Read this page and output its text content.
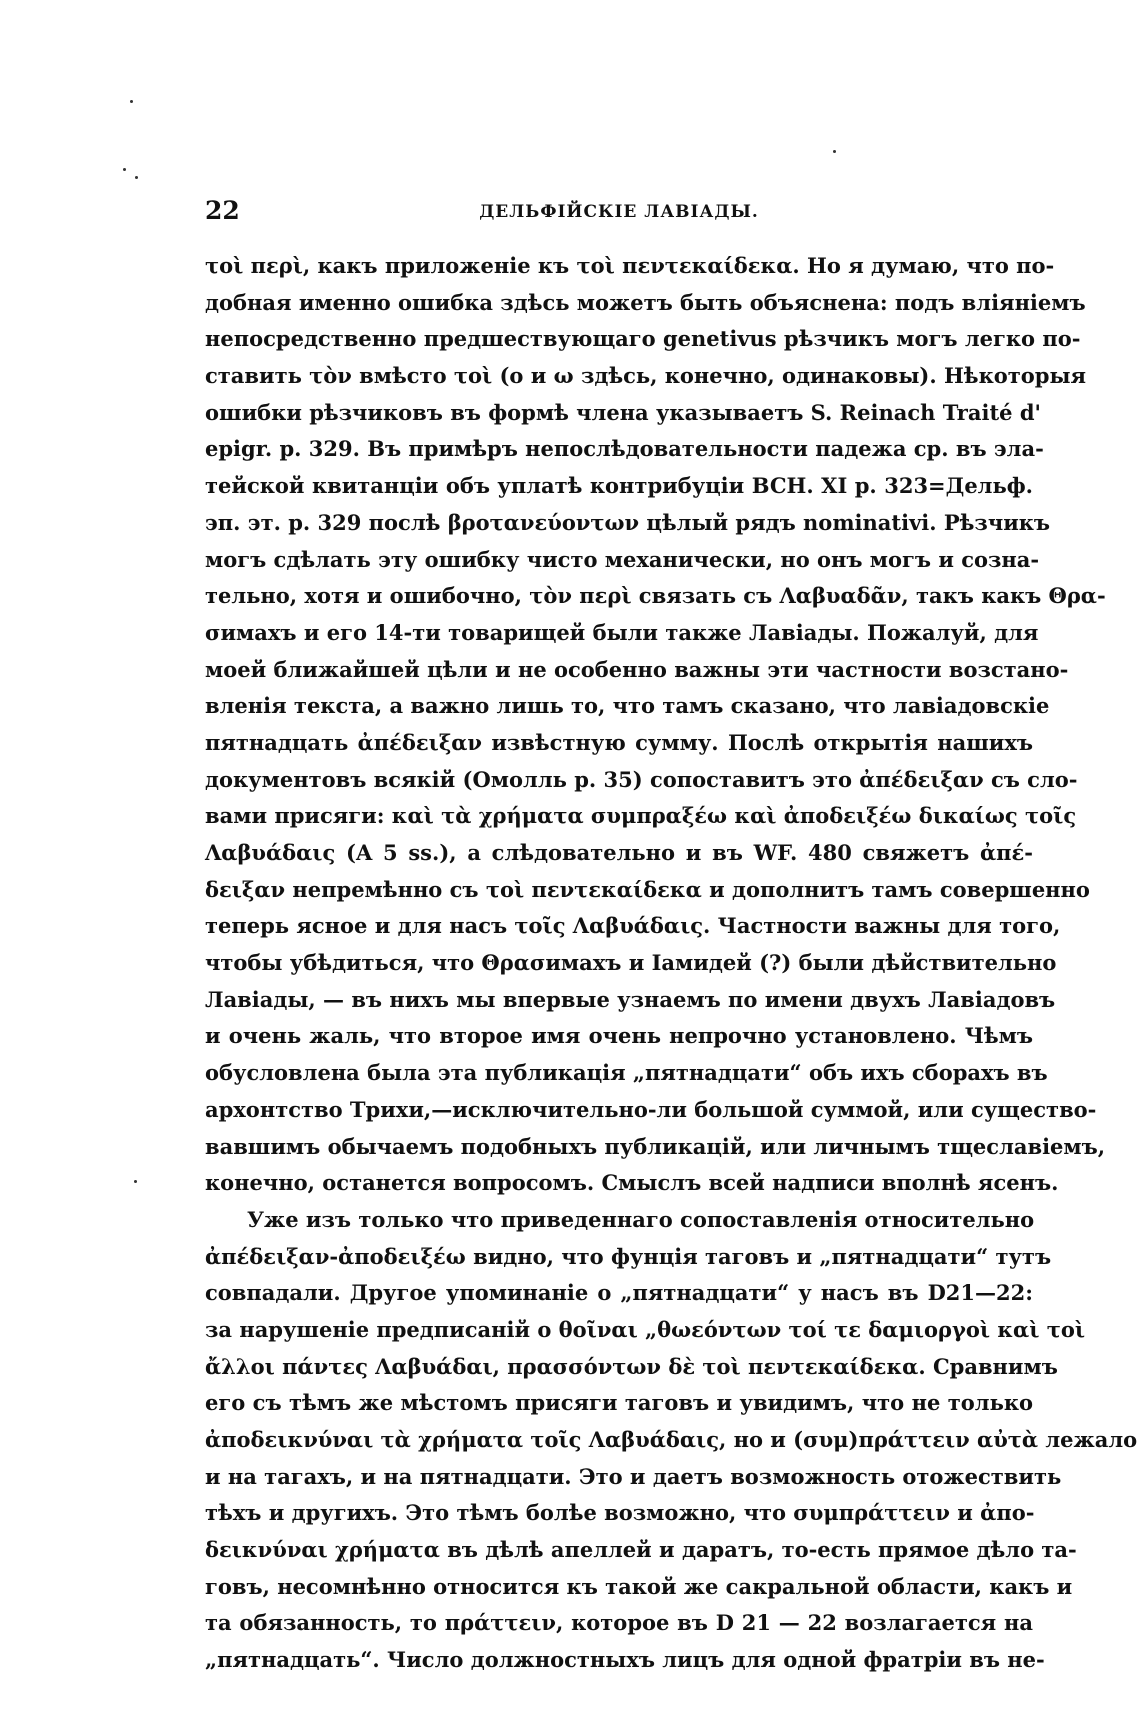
22	ДЕЛЬФІЙСКІЕ ЛАВІАДЫ.
τοὶ περὶ, какъ приложеніе къ τοὶ πεντεκαίδεκα. Но я думаю, что по-
добная именно ошибка здѣсь можетъ быть объяснена: подъ вліяніемъ
непосредственно предшествующаго genetivus рѣзчикъ могъ легко по-
ставить τὸν вмѣсто τοὶ (ο и ω здѣсь, конечно, одинаковы). Нѣкоторыя
ошибки рѣзчиковъ въ формѣ члена указываетъ S. Reinach Traité d'
epigr. p. 329. Въ примѣръ непослѣдовательности падежа ср. въ эла-
тейской квитанціи объ уплатѣ контрибуціи BCH. XI p. 323=Дельф.
эп. эт. p. 329 послѣ βροτανεύοντων цѣлый рядъ nominativi. Рѣзчикъ
могъ сдѣлать эту ошибку чисто механически, но онъ могъ и созна-
тельно, хотя и ошибочно, τὸν περὶ связать съ Λαβυαδᾶν, такъ какъ Θρα-
σимахъ и его 14-ти товарищей были также Лавіады. Пожалуй, для
моей ближайшей цѣли и не особенно важны эти частности возстано-
вленія текста, а важно лишь то, что тамъ сказано, что лавіадовскіе
пятнадцать ἀπέδειξαν извѣстную сумму. Послѣ открытія нашихъ
документовъ всякій (Омолль p. 35) сопоставитъ это ἀπέδειξαν съ сло-
вами присяги: καὶ τὰ χρήματα συμπραξέω καὶ ἀποδειξέω δικαίως τοῖς
Λαβυάδαις (A 5 ss.), а слѣдовательно и въ WF. 480 свяжетъ ἀπέ-
δειξαν непремѣнно съ τοὶ πεντεκαίδεκα и дополнитъ тамъ совершенно
теперь ясное и для насъ τοῖς Λαβυάδαις. Частности важны для того,
чтобы убѣдиться, что Θρασимахъ и Іамидей (?) были дѣйствительно
Лавіады, — въ нихъ мы впервые узнаемъ по имени двухъ Лавіадовъ
и очень жаль, что второе имя очень непрочно установлено. Чѣмъ
обусловлена была эта публикація „пятнадцати“ объ ихъ сборахъ въ
архонтство Трихи,—исключительно-ли большой суммой, или существо-
вавшимъ обычаемъ подобныхъ публикацій, или личнымъ тщеславіемъ,
конечно, останется вопросомъ. Смыслъ всей надписи вполнѣ ясенъ.
Уже изъ только что приведеннаго сопоставленія относительно
ἀπέδειξαν-ἀποδειξέω видно, что фунція таговъ и „пятнадцати“ тутъ
совпадали. Другое упоминаніе о „пятнадцати“ у насъ въ D21—22:
за нарушеніе предписаній о θοῖναι „θωεόντων τοί τε δαμιοργοὶ καὶ τοὶ
ἄλλοι πάντες Λαβυάδαι, πρασσόντων δὲ τοὶ πεντεκαίδεκα. Сравнимъ
его съ тѣмъ же мѣстомъ присяги таговъ и увидимъ, что не только
ἀποδεικνύναι τὰ χρήματα τοῖς Λαβυάδαις, но и (συμ)πράττειν αὐτὰ лежало
и на тагахъ, и на пятнадцати. Это и даетъ возможность отожествить
тѣхъ и другихъ. Это тѣмъ болѣе возможно, что συμπράττειν и ἀπο-
δεικνύναι χρήματα въ дѣлѣ апеллей и даратъ, то-есть прямое дѣло та-
говъ, несомнѣнно относится къ такой же сакральной области, какъ и
та обязанность, то πράττειν, которое въ D 21 — 22 возлагается на
„пятнадцать“. Число должностныхъ лицъ для одной фратріи въ не-
